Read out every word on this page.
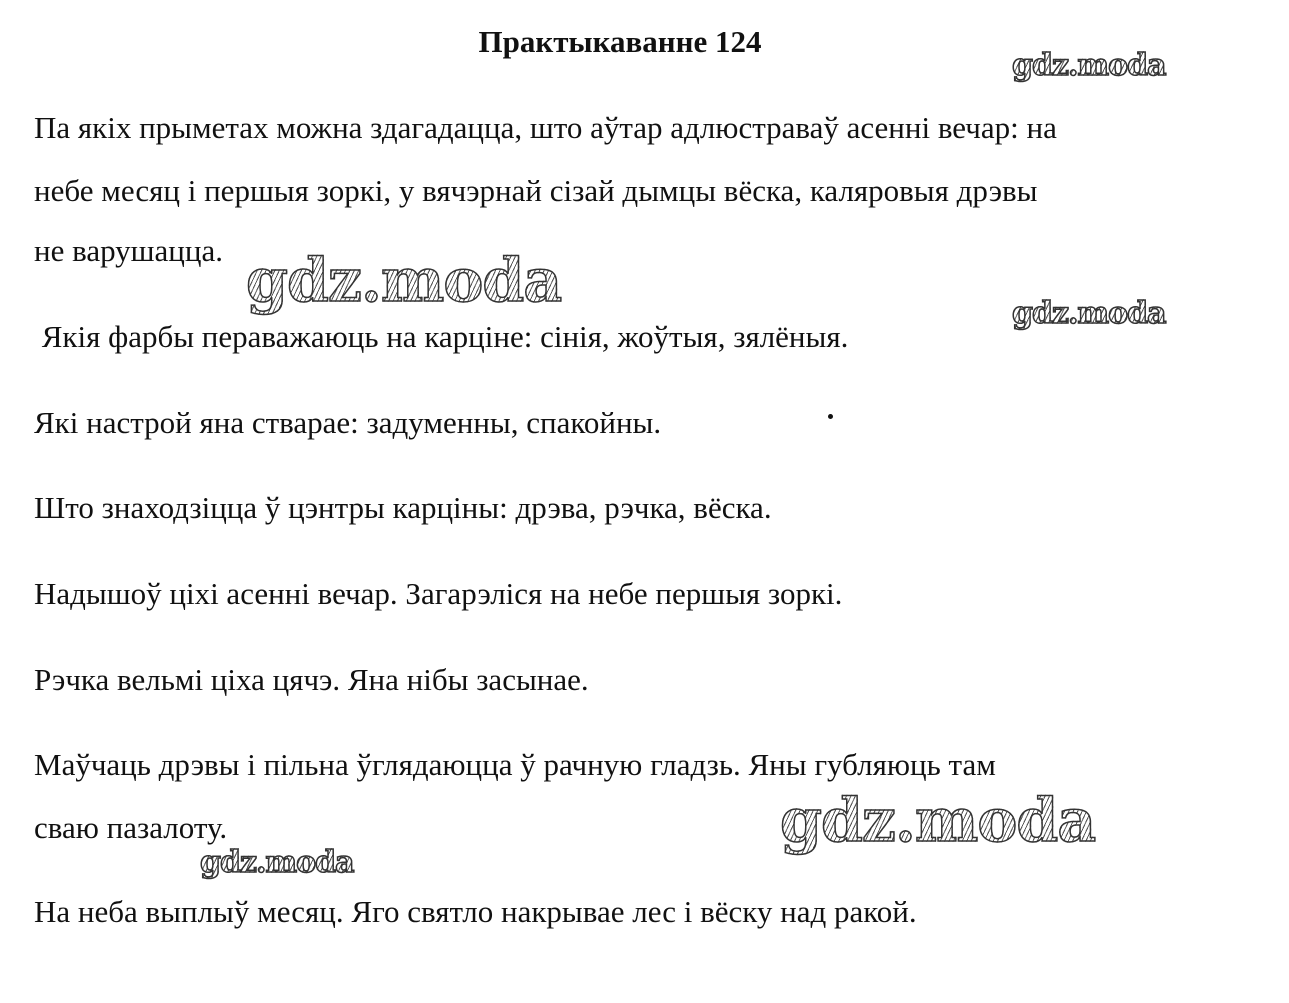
Практыкаванне 124
Па якіх прыметах можна здагадацца, што аўтар адлюстраваў асенні вечар: на
небе месяц і першыя зоркі, у вячэрнай сізай дымцы вёска, каляровыя дрэвы
не варушацца.
Якія фарбы пераважаюць на карціне: сінія, жоўтыя, зялёныя.
Які настрой яна стварае: задуменны, спакойны.
Што знаходзіцца ў цэнтры карціны: дрэва, рэчка, вёска.
Надышоў ціхі асенні вечар. Загарэліся на небе першыя зоркі.
Рэчка вельмі ціха цячэ. Яна нібы засынае.
Маўчаць дрэвы і пільна ўглядаюцца ў рачную гладзь. Яны губляюць там
сваю пазалоту.
На неба выплыў месяц. Яго святло накрывае лес і вёску над ракой.
gdz.moda
gdz.moda	gdz.moda
gdz.moda
gdz.moda
